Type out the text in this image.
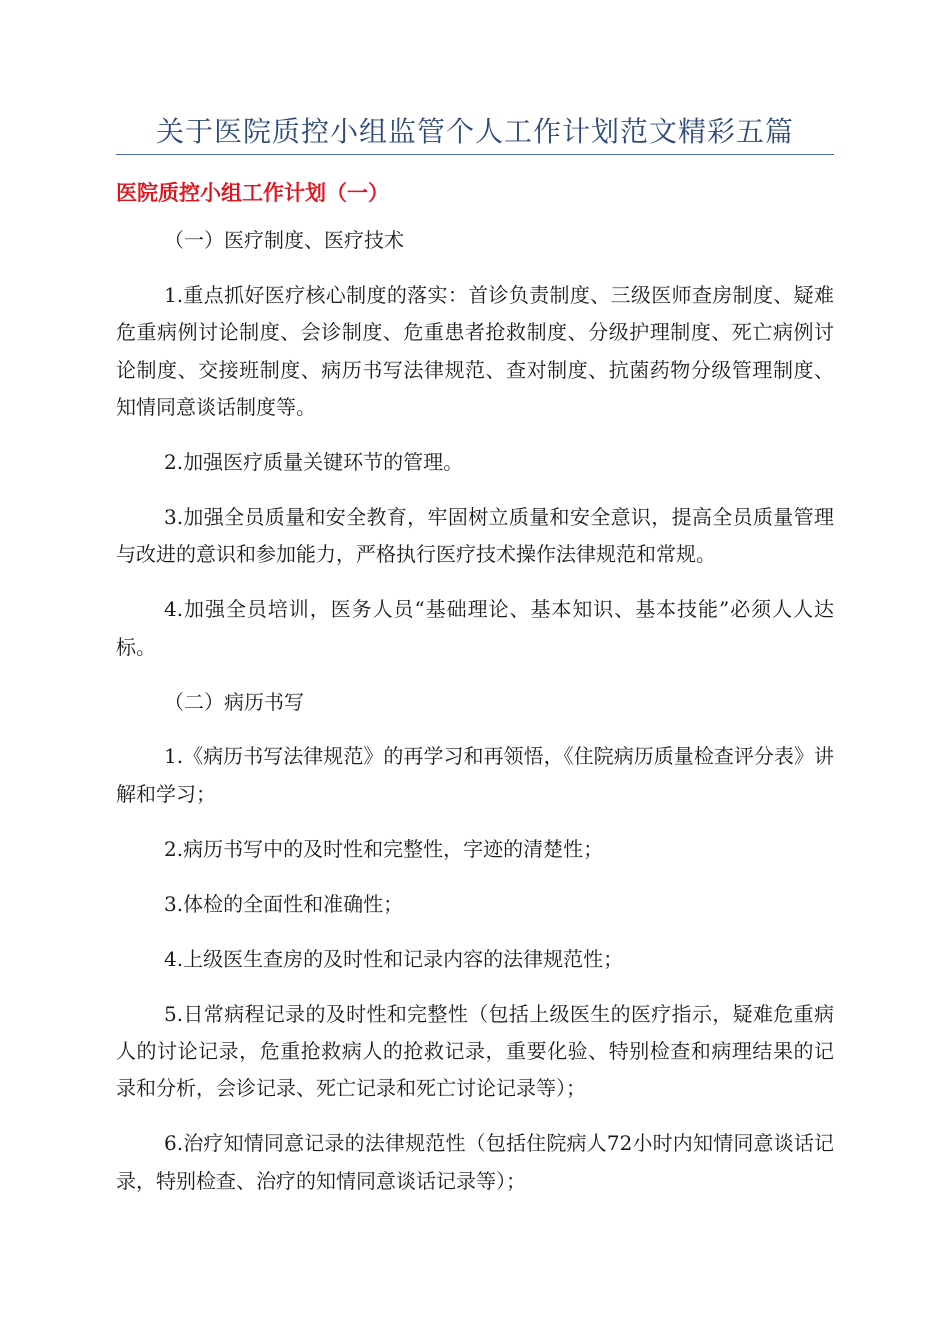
关于医院质控小组监管个人工作计划范文精彩五篇
医院质控小组工作计划（一）

（一）医疗制度、医疗技术

1.重点抓好医疗核心制度的落实：首诊负责制度、三级医师查房制度、疑难危重病例讨论制度、会诊制度、危重患者抢救制度、分级护理制度、死亡病例讨论制度、交接班制度、病历书写法律规范、查对制度、抗菌药物分级管理制度、知情同意谈话制度等。

2.加强医疗质量关键环节的管理。

3.加强全员质量和安全教育，牢固树立质量和安全意识，提高全员质量管理与改进的意识和参加能力，严格执行医疗技术操作法律规范和常规。

4.加强全员培训，医务人员“基础理论、基本知识、基本技能”必须人人达标。

（二）病历书写

1.《病历书写法律规范》的再学习和再领悟，《住院病历质量检查评分表》讲解和学习；

2.病历书写中的及时性和完整性，字迹的清楚性；

3.体检的全面性和准确性；

4.上级医生查房的及时性和记录内容的法律规范性；

5.日常病程记录的及时性和完整性（包括上级医生的医疗指示，疑难危重病人的讨论记录，危重抢救病人的抢救记录，重要化验、特别检查和病理结果的记录和分析，会诊记录、死亡记录和死亡讨论记录等）；

6.治疗知情同意记录的法律规范性（包括住院病人72小时内知情同意谈话记录，特别检查、治疗的知情同意谈话记录等）；
